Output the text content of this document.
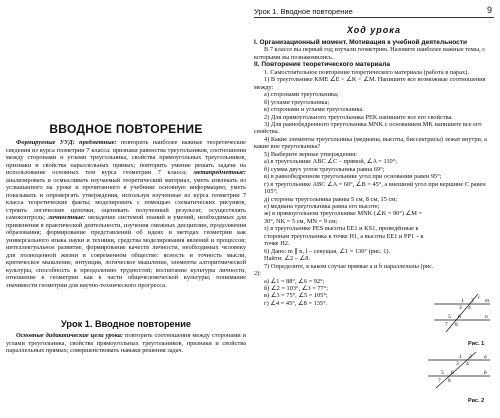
ВВОДНОЕ ПОВТОРЕНИЕ

Формируемые УУД: предметные: повторить наиболее важные теоретические сведения из курса геометрии 7 класса: признаки равенства треугольников, соотношения между сторонами и углами треугольника, свойства прямоугольных треугольников, признаки и свойства параллельных прямых; повторить умение решать задачи на использование основных тем курса геометрии 7 класса; метапредметные: анализировать и осмысливать изучаемый теоретический материал, уметь извлекать из услышанного на уроке и прочитанного в учебнике основную информацию; уметь показывать и опровергать утверждения, используя изученные из курса геометрии 7 класса теоретические факты; моделировать с помощью схематических рисунков, строить логические цепочки, оценивать полученный результат, осуществлять самоконтроль; личностные: овладение системой знаний и умений, необходимых для применения в практической деятельности, изучения смежных дисциплин, продолжения образования; формирование представлений об идеях и методах геометрии как универсального языка науки и техники, средства моделирования явлений и процессов; интеллектуальное развитие, формирование качеств личности, необходимых человеку для полноценной жизни в современном обществе: ясность и точность мысли, критическое мышление, интуиция, логическое мышление, элементы алгоритмической культуры, способность к преодолению трудностей; воспитание культуры личности, отношение к геометрии как к части общечеловеческой культуры; понимание значимости геометрии для научно-технического прогресса.

Урок 1. Вводное повторение

Основные дидактические цели урока: повторить соотношения между сторонами и углами треугольника, свойства прямоугольных треугольников, признаки и свойства параллельных прямых; совершенствовать навыки решения задач.

Урок 1. Вводное повторение	9
Ход урока

I. Организационный момент. Мотивация к учебной деятельности

В 7 классе вы первый год изучали геометрию. Назовите наиболее важные темы, с которыми вы познакомились.

II. Повторение теоретического материала

1. Самостоятельное повторение теоретического материала (работа в парах).

1) В треугольнике KME ∠E < ∠K < ∠M. Напишите все возможные соотношения между:

а) сторонами треугольника;

б) углами треугольника;

в) сторонами и углами треугольника.

2) Для прямоугольного треугольника PEK напишите все его свойства.

3) Для равнобедренного треугольника MNK с основанием MK напишите все его свойства.

4) Какие элементы треугольника (медианы, высоты, биссектрисы) лежат внутри, а какие вне треугольника?

5) Выберите верные утверждения:

а) в треугольнике ABC ∠C – прямой, ∠A = 110°;

б) сумма двух углов треугольника равна 69°;

в) в равнобедренном треугольнике угол при основании равен 95°;

г) в треугольнике ABC ∠A = 60°, ∠B = 45°, а внешний угол при вершине C равен 105°;

д) стороны треугольника равны 5 см, 8 см, 15 см;

е) медиана треугольника равна его высоте;

ж) в прямоугольном треугольнике MNK (∠K = 90°) ∠M = 30°, NK = 5 см, MN = 9 см;

з) в треугольнике PES высоты EE1 и KS1, проведённые к сторонам треугольника к точке H1, а высоты EE1 и PP1 – к точке H2.

6) Дано: m ∥ n, l – секущая, ∠1 = 130° (рис. 1).

Найти: ∠2 – ∠8.

7) Определите, в каком случае прямые a и b параллельны (рис. 2):

а) ∠1 = 88°, ∠6 = 92°;

б) ∠2 = 103°, ∠3 = 77°;

в) ∠3 = 75°, ∠5 = 105°;

г) ∠4 = 45°, ∠8 = 135°.

l m
n
1 2
3 4
5 6
7 8
Рис. 1
a
b
1 2
3 4
5 6
7 8
Рис. 2
